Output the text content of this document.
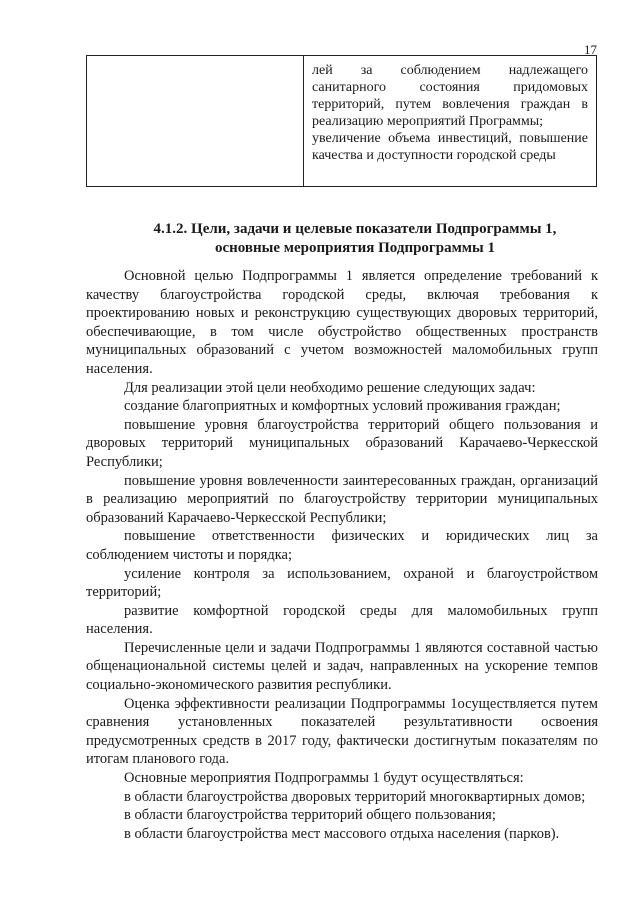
17

лей за соблюдением надлежащего санитарного состояния придомовых территорий, путем вовлечения граждан в реализацию мероприятий Программы;

увеличение объема инвестиций, повышение качества и доступности городской среды

4.1.2. Цели, задачи и целевые показатели Подпрограммы 1,
основные мероприятия Подпрограммы 1

Основной целью Подпрограммы 1 является определение требований к качеству благоустройства городской среды, включая требования к проектированию новых и реконструкцию существующих дворовых территорий, обеспечивающие, в том числе обустройство общественных пространств муниципальных образований с учетом возможностей маломобильных групп населения.

Для реализации этой цели необходимо решение следующих задач:

создание благоприятных и комфортных условий проживания граждан;

повышение уровня благоустройства территорий общего пользования и дворовых территорий муниципальных образований Карачаево-Черкесской Республики;

повышение уровня вовлеченности заинтересованных граждан, организаций в реализацию мероприятий по благоустройству территории муниципальных образований Карачаево-Черкесской Республики;

повышение ответственности физических и юридических лиц за соблюдением чистоты и порядка;

усиление контроля за использованием, охраной и благоустройством территорий;

развитие комфортной городской среды для маломобильных групп населения.

Перечисленные цели и задачи Подпрограммы 1 являются составной частью общенациональной системы целей и задач, направленных на ускорение темпов социально-экономического развития республики.

Оценка эффективности реализации Подпрограммы 1осуществляется путем сравнения установленных показателей результативности освоения предусмотренных средств в 2017 году, фактически достигнутым показателям по итогам планового года.

Основные мероприятия Подпрограммы 1 будут осуществляться:

в области благоустройства дворовых территорий многоквартирных домов;

в области благоустройства территорий общего пользования;

в области благоустройства мест массового отдыха населения (парков).
